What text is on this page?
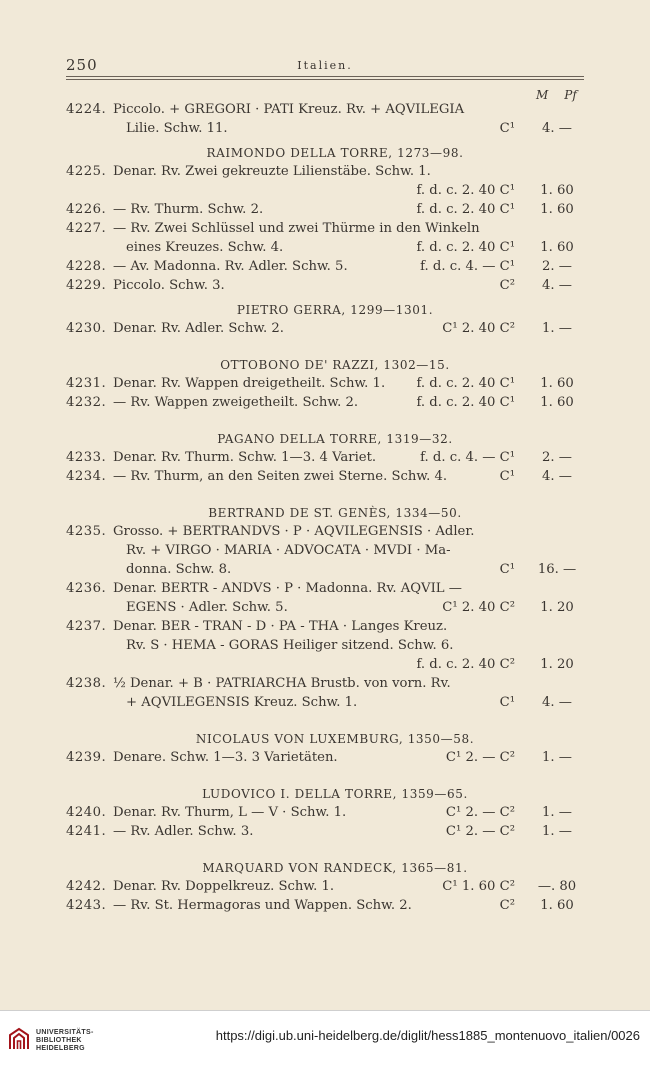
250	Italien.
M Pf
4224. Piccolo. + GREGORI · PATI Kreuz. Rv. + AQVILEGIA
Lilie. Schw. 11.	C¹	4. —
RAIMONDO DELLA TORRE, 1273—98.
4225. Denar. Rv. Zwei gekreuzte Lilienstäbe. Schw. 1.
f. d. c. 2. 40 C¹	1. 60
4226. — Rv. Thurm. Schw. 2.	f. d. c. 2. 40 C¹	1. 60
4227. — Rv. Zwei Schlüssel und zwei Thürme in den Winkeln
eines Kreuzes. Schw. 4.	f. d. c. 2. 40 C¹	1. 60
4228. — Av. Madonna. Rv. Adler. Schw. 5.	f. d. c. 4. — C¹	2. —
4229. Piccolo. Schw. 3.	C²	4. —
PIETRO GERRA, 1299—1301.
4230. Denar. Rv. Adler. Schw. 2.	C¹ 2. 40 C²	1. —
OTTOBONO DE' RAZZI, 1302—15.
4231. Denar. Rv. Wappen dreigetheilt. Schw. 1.	f. d. c. 2. 40 C¹	1. 60
4232. — Rv. Wappen zweigetheilt. Schw. 2.	f. d. c. 2. 40 C¹	1. 60
PAGANO DELLA TORRE, 1319—32.
4233. Denar. Rv. Thurm. Schw. 1—3. 4 Variet.	f. d. c. 4. — C¹	2. —
4234. — Rv. Thurm, an den Seiten zwei Sterne. Schw. 4.	C¹	4. —
BERTRAND DE ST. GENÈS, 1334—50.
4235. Grosso. + BERTRANDVS · P · AQVILEGENSIS · Adler.
Rv. + VIRGO · MARIA · ADVOCATA · MVDI · Ma-
donna. Schw. 8.	C¹	16. —
4236. Denar. BERTR - ANDVS · P · Madonna. Rv. AQVIL —
EGENS · Adler. Schw. 5.	C¹ 2. 40 C²	1. 20
4237. Denar. BER - TRAN - D · PA - THA · Langes Kreuz.
Rv. S · HEMA - GORAS Heiliger sitzend. Schw. 6.
f. d. c. 2. 40 C²	1. 20
4238. ½ Denar. + B · PATRIARCHA Brustb. von vorn. Rv.
+ AQVILEGENSIS Kreuz. Schw. 1.	C¹	4. —
NICOLAUS VON LUXEMBURG, 1350—58.
4239. Denare. Schw. 1—3. 3 Varietäten.	C¹ 2. — C²	1. —
LUDOVICO I. DELLA TORRE, 1359—65.
4240. Denar. Rv. Thurm, L — V · Schw. 1.	C¹ 2. — C²	1. —
4241. — Rv. Adler. Schw. 3.	C¹ 2. — C²	1. —
MARQUARD VON RANDECK, 1365—81.
4242. Denar. Rv. Doppelkreuz. Schw. 1.	C¹ 1. 60 C²	—. 80
4243. — Rv. St. Hermagoras und Wappen. Schw. 2.	C²	1. 60
UNIVERSITÄTS-
BIBLIOTHEK
HEIDELBERG
https://digi.ub.uni-heidelberg.de/diglit/hess1885_montenuovo_italien/0026
